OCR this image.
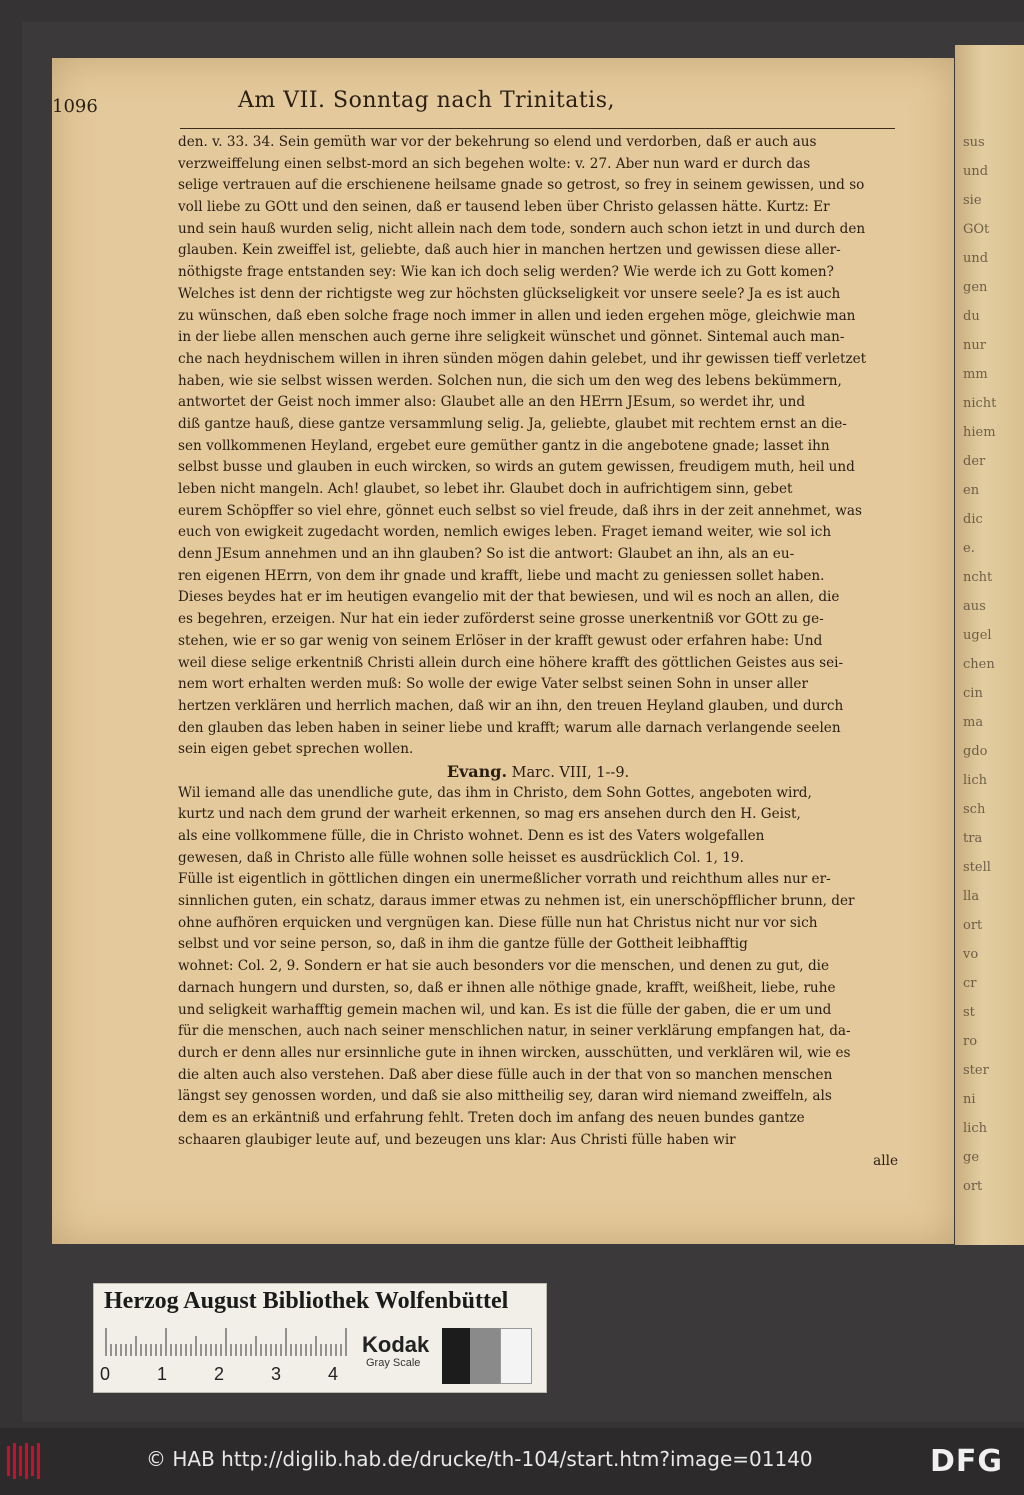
sus
und
sie
GOt
und
gen
du
nur
mm
nicht
hiem
der
en
dic
e.
ncht
aus
ugel
chen
cin
ma
gdo
lich
sch
tra
stell
lla
ort
vo
cr
st
ro
ster
ni
lich
ge
ort
1096	Am VII. Sonntag nach Trinitatis,
den. v. 33. 34. Sein gemüth war vor der bekehrung so elend und verdorben, daß er auch aus
verzweiffelung einen selbst-mord an sich begehen wolte: v. 27. Aber nun ward er durch das
selige vertrauen auf die erschienene heilsame gnade so getrost, so frey in seinem gewissen, und so
voll liebe zu GOtt und den seinen, daß er tausend leben über Christo gelassen hätte. Kurtz: Er
und sein hauß wurden selig, nicht allein nach dem tode, sondern auch schon ietzt in und durch den
glauben. Kein zweiffel ist, geliebte, daß auch hier in manchen hertzen und gewissen diese aller-
nöthigste frage entstanden sey: Wie kan ich doch selig werden? Wie werde ich zu Gott komen?
Welches ist denn der richtigste weg zur höchsten glückseligkeit vor unsere seele? Ja es ist auch
zu wünschen, daß eben solche frage noch immer in allen und ieden ergehen möge, gleichwie man
in der liebe allen menschen auch gerne ihre seligkeit wünschet und gönnet. Sintemal auch man-
che nach heydnischem willen in ihren sünden mögen dahin gelebet, und ihr gewissen tieff verletzet
haben, wie sie selbst wissen werden. Solchen nun, die sich um den weg des lebens bekümmern,
antwortet der Geist noch immer also: Glaubet alle an den HErrn JEsum, so werdet ihr, und
diß gantze hauß, diese gantze versammlung selig. Ja, geliebte, glaubet mit rechtem ernst an die-
sen vollkommenen Heyland, ergebet eure gemüther gantz in die angebotene gnade; lasset ihn
selbst busse und glauben in euch wircken, so wirds an gutem gewissen, freudigem muth, heil und
leben nicht mangeln. Ach! glaubet, so lebet ihr. Glaubet doch in aufrichtigem sinn, gebet
eurem Schöpffer so viel ehre, gönnet euch selbst so viel freude, daß ihrs in der zeit annehmet, was
euch von ewigkeit zugedacht worden, nemlich ewiges leben. Fraget iemand weiter, wie sol ich
denn JEsum annehmen und an ihn glauben? So ist die antwort: Glaubet an ihn, als an eu-
ren eigenen HErrn, von dem ihr gnade und krafft, liebe und macht zu geniessen sollet haben.
Dieses beydes hat er im heutigen evangelio mit der that bewiesen, und wil es noch an allen, die
es begehren, erzeigen. Nur hat ein ieder zuförderst seine grosse unerkentniß vor GOtt zu ge-
stehen, wie er so gar wenig von seinem Erlöser in der krafft gewust oder erfahren habe: Und
weil diese selige erkentniß Christi allein durch eine höhere krafft des göttlichen Geistes aus sei-
nem wort erhalten werden muß: So wolle der ewige Vater selbst seinen Sohn in unser aller
hertzen verklären und herrlich machen, daß wir an ihn, den treuen Heyland glauben, und durch
den glauben das leben haben in seiner liebe und krafft; warum alle darnach verlangende seelen
sein eigen gebet sprechen wollen.
Evang. Marc. VIII, 1--9.
Wil iemand alle das unendliche gute, das ihm in Christo, dem Sohn Gottes, angeboten wird,
kurtz und nach dem grund der warheit erkennen, so mag ers ansehen durch den H. Geist,
als eine vollkommene fülle, die in Christo wohnet. Denn es ist des Vaters wolgefallen
gewesen, daß in Christo alle fülle wohnen solle heisset es ausdrücklich Col. 1, 19.
Fülle ist eigentlich in göttlichen dingen ein unermeßlicher vorrath und reichthum alles nur er-
sinnlichen guten, ein schatz, daraus immer etwas zu nehmen ist, ein unerschöpfflicher brunn, der
ohne aufhören erquicken und vergnügen kan. Diese fülle nun hat Christus nicht nur vor sich
selbst und vor seine person, so, daß in ihm die gantze fülle der Gottheit leibhafftig
wohnet: Col. 2, 9. Sondern er hat sie auch besonders vor die menschen, und denen zu gut, die
darnach hungern und dursten, so, daß er ihnen alle nöthige gnade, krafft, weißheit, liebe, ruhe
und seligkeit warhafftig gemein machen wil, und kan. Es ist die fülle der gaben, die er um und
für die menschen, auch nach seiner menschlichen natur, in seiner verklärung empfangen hat, da-
durch er denn alles nur ersinnliche gute in ihnen wircken, ausschütten, und verklären wil, wie es
die alten auch also verstehen. Daß aber diese fülle auch in der that von so manchen menschen
längst sey genossen worden, und daß sie also mittheilig sey, daran wird niemand zweiffeln, als
dem es an erkäntniß und erfahrung fehlt. Treten doch im anfang des neuen bundes gantze
schaaren glaubiger leute auf, und bezeugen uns klar: Aus Christi fülle haben wir
alle
Herzog August Bibliothek Wolfenbüttel
0	1	2	3	4
Kodak
Gray Scale
© HAB http://diglib.hab.de/drucke/th-104/start.htm?image=01140	DFG
